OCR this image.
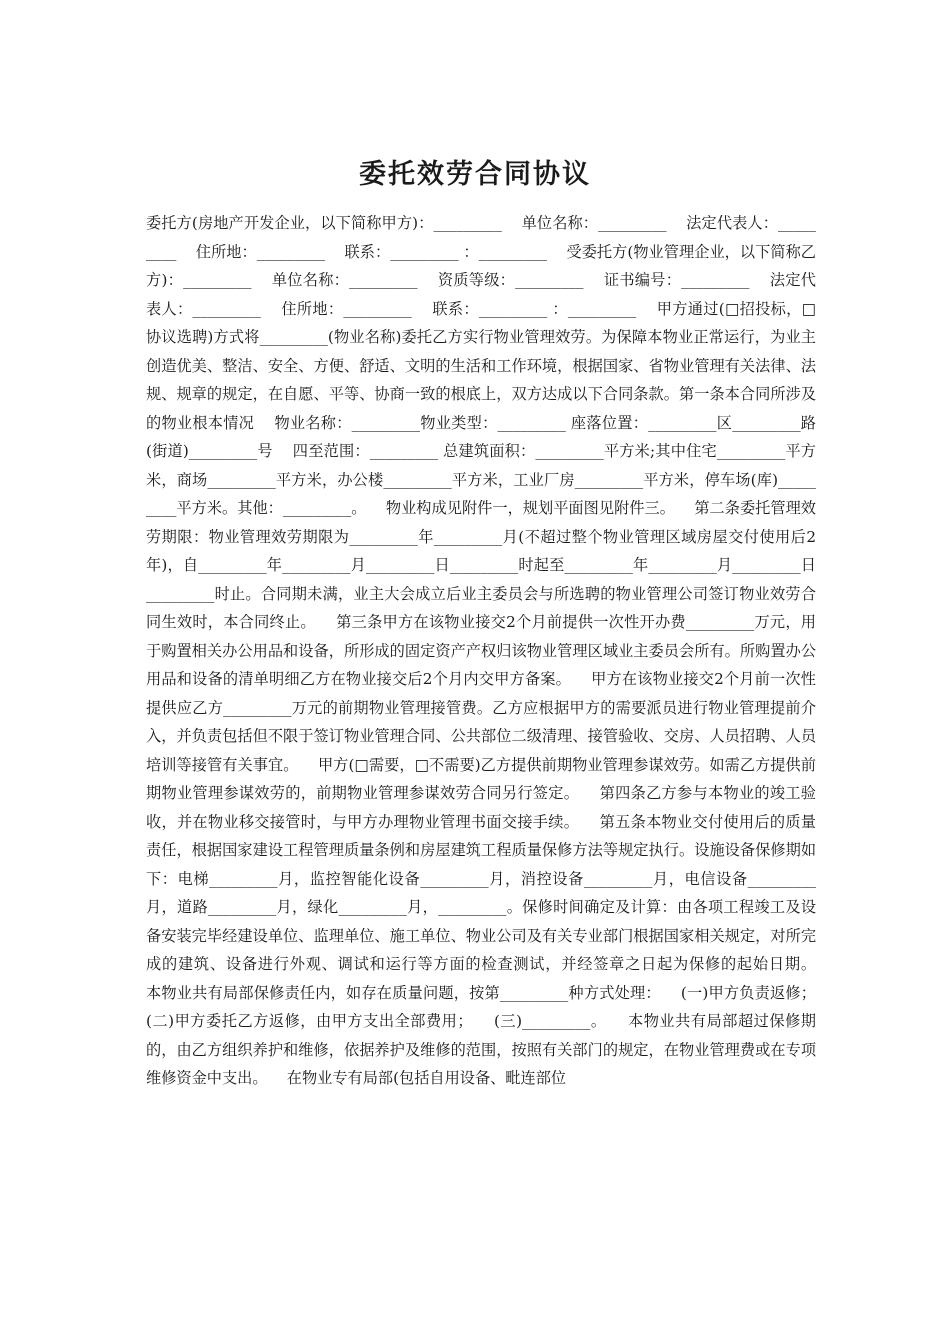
委托效劳合同协议

委托方(房地产开发企业，以下简称甲方)：_________    单位名称：_________    法定代表人：_________    住所地：_________    联系：_________ ：_________    受委托方(物业管理企业，以下简称乙方)：_________    单位名称：_________    资质等级：_________    证书编号：_________    法定代表人：_________    住所地：_________    联系：_________ ：_________    甲方通过(□招投标，□协议选聘)方式将_________(物业名称)委托乙方实行物业管理效劳。为保障本物业正常运行，为业主创造优美、整洁、安全、方便、舒适、文明的生活和工作环境，根据国家、省物业管理有关法律、法规、规章的规定，在自愿、平等、协商一致的根底上，双方达成以下合同条款。第一条本合同所涉及的物业根本情况    物业名称：_________物业类型：_________ 座落位置：_________区_________路(街道)_________号    四至范围：_________ 总建筑面积：_________平方米;其中住宅_________平方米，商场_________平方米，办公楼_________平方米，工业厂房_________平方米，停车场(库)_________平方米。其他：_________。    物业构成见附件一，规划平面图见附件三。    第二条委托管理效劳期限：物业管理效劳期限为_________年_________月(不超过整个物业管理区域房屋交付使用后2年)，自_________年_________月_________日_________时起至_________年_________月_________日_________时止。合同期未满，业主大会成立后业主委员会与所选聘的物业管理公司签订物业效劳合同生效时，本合同终止。    第三条甲方在该物业接交2个月前提供一次性开办费_________万元，用于购置相关办公用品和设备，所形成的固定资产产权归该物业管理区域业主委员会所有。所购置办公用品和设备的清单明细乙方在物业接交后2个月内交甲方备案。    甲方在该物业接交2个月前一次性提供应乙方_________万元的前期物业管理接管费。乙方应根据甲方的需要派员进行物业管理提前介入，并负责包括但不限于签订物业管理合同、公共部位二级清理、接管验收、交房、人员招聘、人员培训等接管有关事宜。    甲方(□需要，□不需要)乙方提供前期物业管理参谋效劳。如需乙方提供前期物业管理参谋效劳的，前期物业管理参谋效劳合同另行签定。    第四条乙方参与本物业的竣工验收，并在物业移交接管时，与甲方办理物业管理书面交接手续。    第五条本物业交付使用后的质量责任，根据国家建设工程管理质量条例和房屋建筑工程质量保修方法等规定执行。设施设备保修期如下：电梯_________月，监控智能化设备_________月，消控设备_________月，电信设备_________月，道路_________月，绿化_________月，_________。保修时间确定及计算：由各项工程竣工及设备安装完毕经建设单位、监理单位、施工单位、物业公司及有关专业部门根据国家相关规定，对所完成的建筑、设备进行外观、调试和运行等方面的检查测试，并经签章之日起为保修的起始日期。    本物业共有局部保修责任内，如存在质量问题，按第_________种方式处理：    (一)甲方负责返修；(二)甲方委托乙方返修，由甲方支出全部费用；    (三)_________。    本物业共有局部超过保修期的，由乙方组织养护和维修，依据养护及维修的范围，按照有关部门的规定，在物业管理费或在专项维修资金中支出。    在物业专有局部(包括自用设备、毗连部位
